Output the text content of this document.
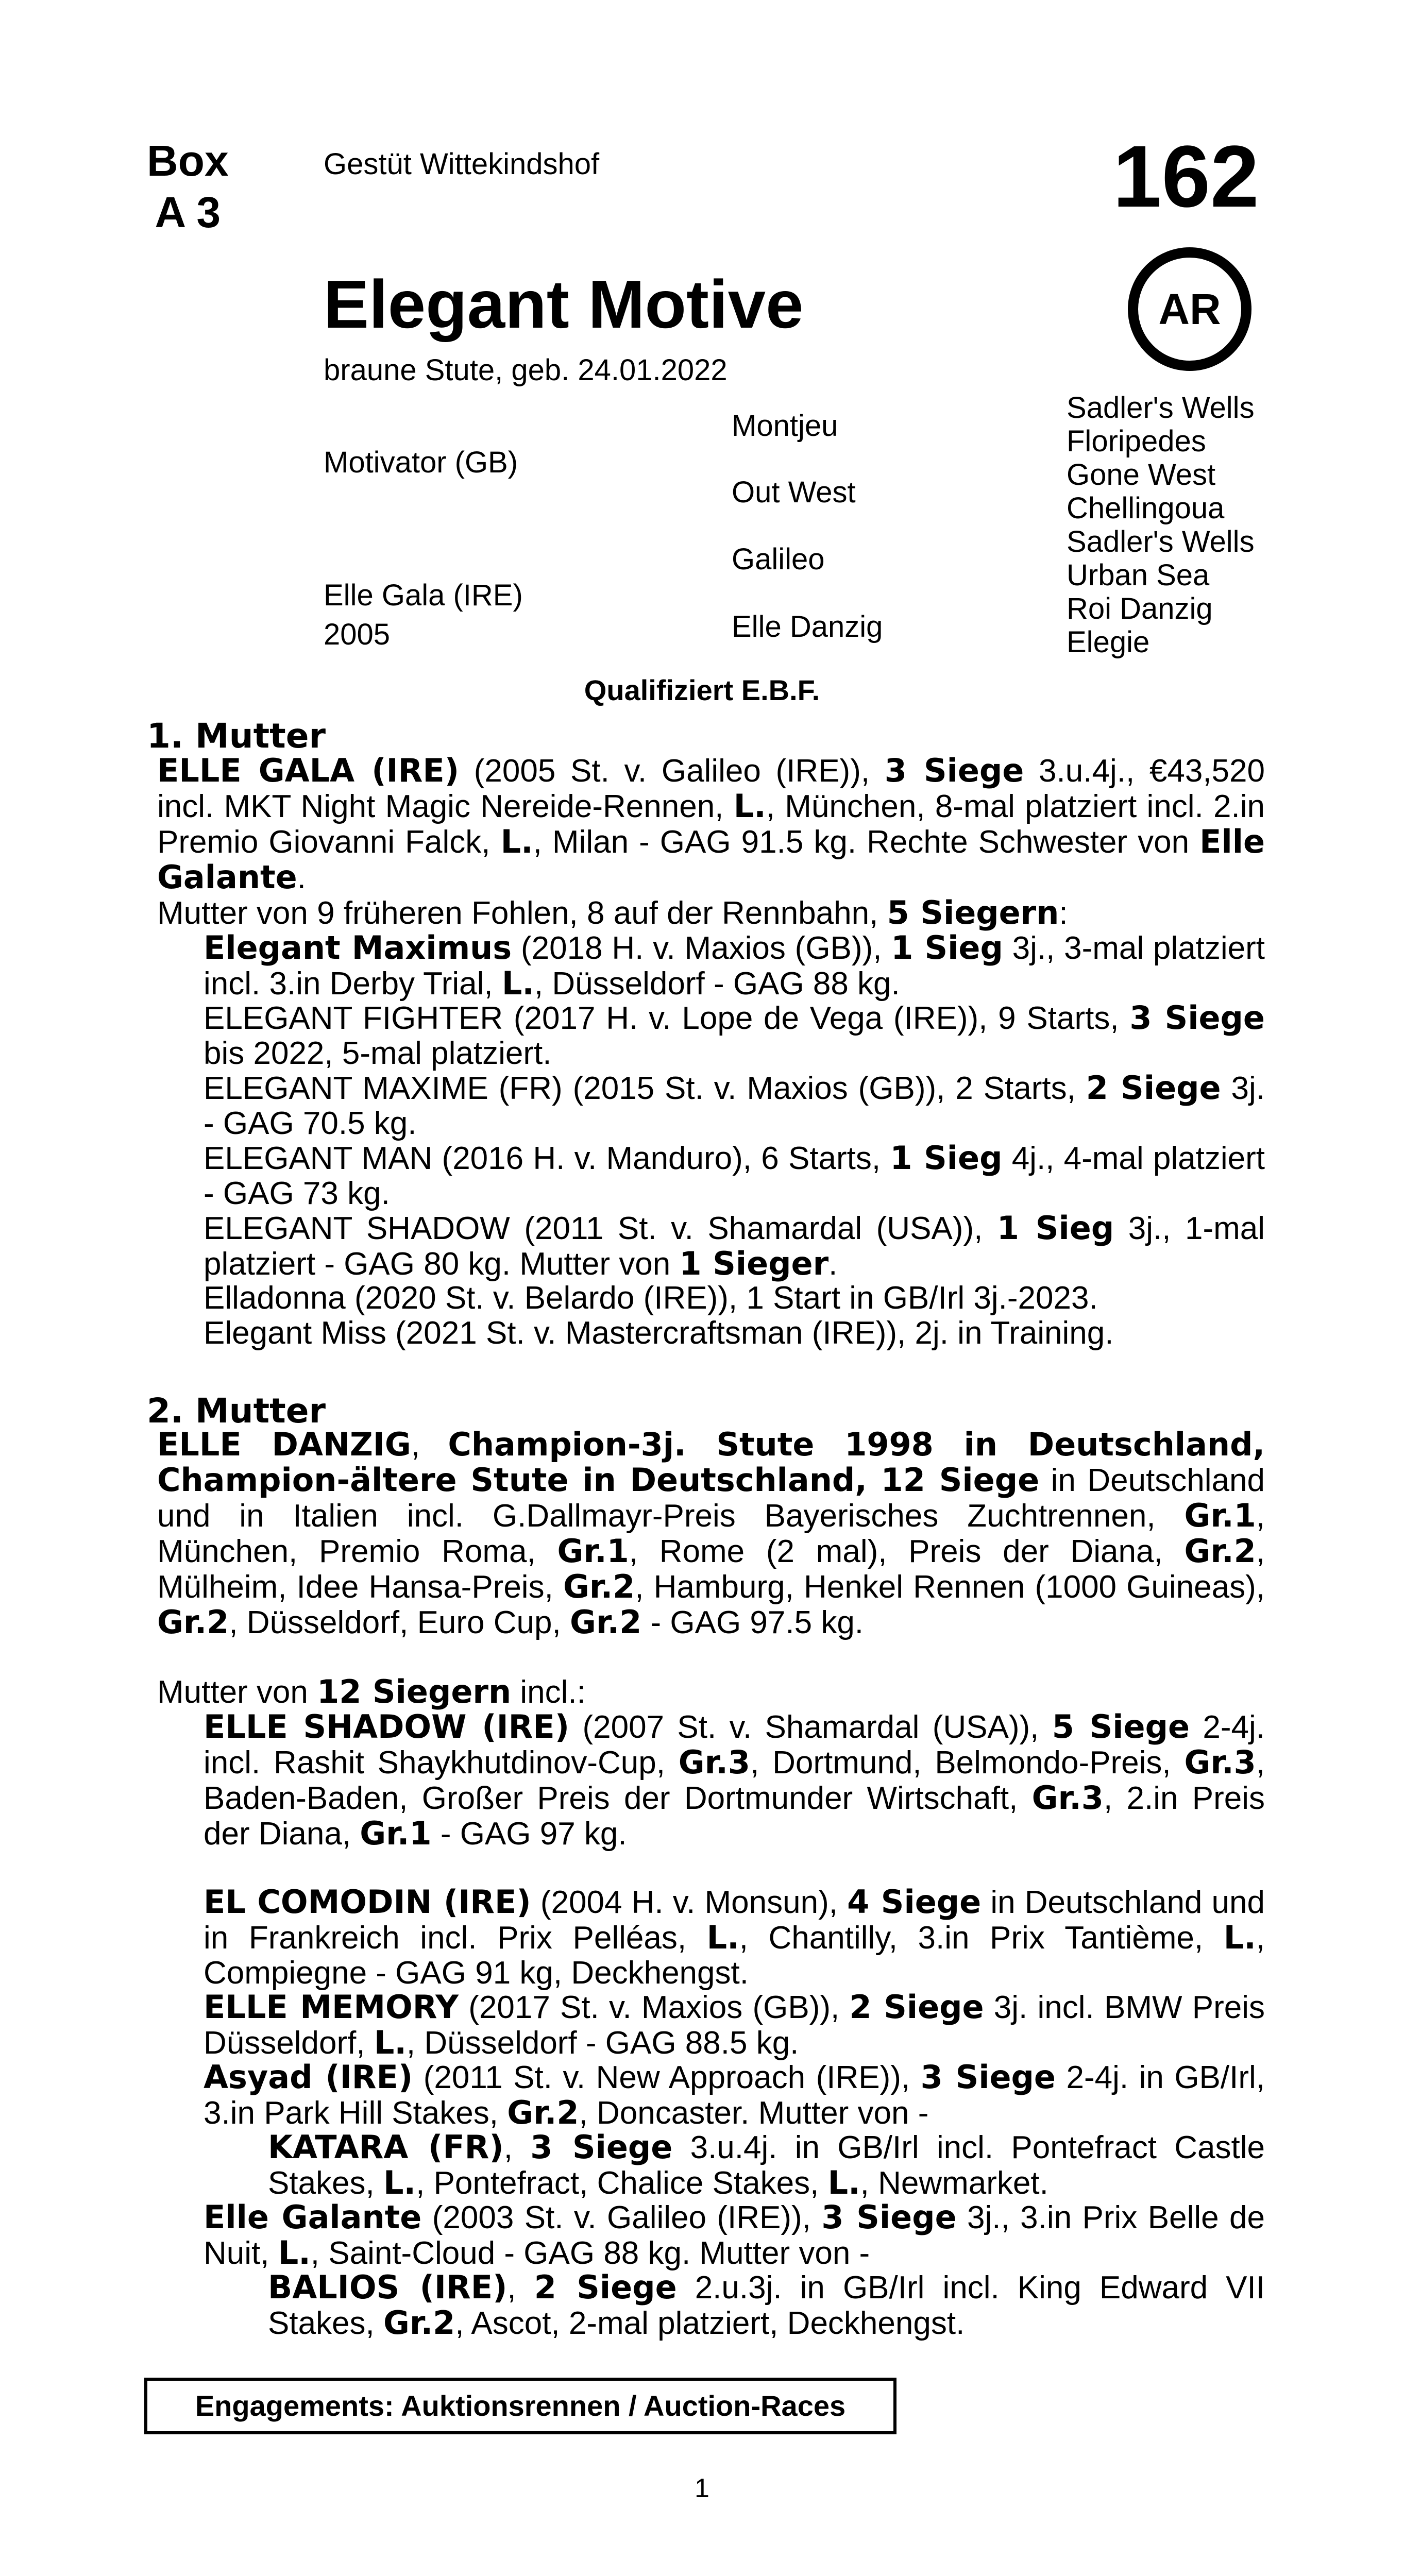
Box
A 3
Gestüt Wittekindshof	162
AR
Elegant Motive
braune Stute, geb. 24.01.2022
Motivator (GB)
Elle Gala (IRE)
2005
Montjeu
Out West
Galileo
Elle Danzig
Sadler's Wells
Floripedes
Gone West
Chellingoua
Sadler's Wells
Urban Sea
Roi Danzig
Elegie
Qualifiziert E.B.F.
1. Mutter
ELLE GALA (IRE) (2005 St. v. Galileo (IRE)), 3 Siege 3.u.4j., €43,520 incl. MKT Night Magic Nereide-Rennen, L., München, 8-mal platziert incl. 2.in Premio Giovanni Falck, L., Milan - GAG 91.5 kg. Rechte Schwester von Elle Galante.
Mutter von 9 früheren Fohlen, 8 auf der Rennbahn, 5 Siegern:
Elegant Maximus (2018 H. v. Maxios (GB)), 1 Sieg 3j., 3-mal platziert incl. 3.in Derby Trial, L., Düsseldorf - GAG 88 kg.
ELEGANT FIGHTER (2017 H. v. Lope de Vega (IRE)), 9 Starts, 3 Siege bis 2022, 5-mal platziert.
ELEGANT MAXIME (FR) (2015 St. v. Maxios (GB)), 2 Starts, 2 Siege 3j. - GAG 70.5 kg.
ELEGANT MAN (2016 H. v. Manduro), 6 Starts, 1 Sieg 4j., 4-mal platziert - GAG 73 kg.
ELEGANT SHADOW (2011 St. v. Shamardal (USA)), 1 Sieg 3j., 1-mal platziert - GAG 80 kg. Mutter von 1 Sieger.
Elladonna (2020 St. v. Belardo (IRE)), 1 Start in GB/Irl 3j.-2023.
Elegant Miss (2021 St. v. Mastercraftsman (IRE)), 2j. in Training.
2. Mutter
ELLE DANZIG, Champion-3j. Stute 1998 in Deutschland, Champion-ältere Stute in Deutschland, 12 Siege in Deutschland und in Italien incl. G.Dallmayr-Preis Bayerisches Zuchtrennen, Gr.1, München, Premio Roma, Gr.1, Rome (2 mal), Preis der Diana, Gr.2, Mülheim, Idee Hansa-Preis, Gr.2, Hamburg, Henkel Rennen (1000 Guineas), Gr.2, Düsseldorf, Euro Cup, Gr.2 - GAG 97.5 kg.
Mutter von 12 Siegern incl.:
ELLE SHADOW (IRE) (2007 St. v. Shamardal (USA)), 5 Siege 2-4j. incl. Rashit Shaykhutdinov-Cup, Gr.3, Dortmund, Belmondo-Preis, Gr.3, Baden-Baden, Großer Preis der Dortmunder Wirtschaft, Gr.3, 2.in Preis der Diana, Gr.1 - GAG 97 kg.
EL COMODIN (IRE) (2004 H. v. Monsun), 4 Siege in Deutschland und in Frankreich incl. Prix Pelléas, L., Chantilly, 3.in Prix Tantième, L., Compiegne - GAG 91 kg, Deckhengst.
ELLE MEMORY (2017 St. v. Maxios (GB)), 2 Siege 3j. incl. BMW Preis Düsseldorf, L., Düsseldorf - GAG 88.5 kg.
Asyad (IRE) (2011 St. v. New Approach (IRE)), 3 Siege 2-4j. in GB/Irl, 3.in Park Hill Stakes, Gr.2, Doncaster. Mutter von -
KATARA (FR), 3 Siege 3.u.4j. in GB/Irl incl. Pontefract Castle Stakes, L., Pontefract, Chalice Stakes, L., Newmarket.
Elle Galante (2003 St. v. Galileo (IRE)), 3 Siege 3j., 3.in Prix Belle de Nuit, L., Saint-Cloud - GAG 88 kg. Mutter von -
BALIOS (IRE), 2 Siege 2.u.3j. in GB/Irl incl. King Edward VII Stakes, Gr.2, Ascot, 2-mal platziert, Deckhengst.
Engagements: Auktionsrennen / Auction-Races
1
